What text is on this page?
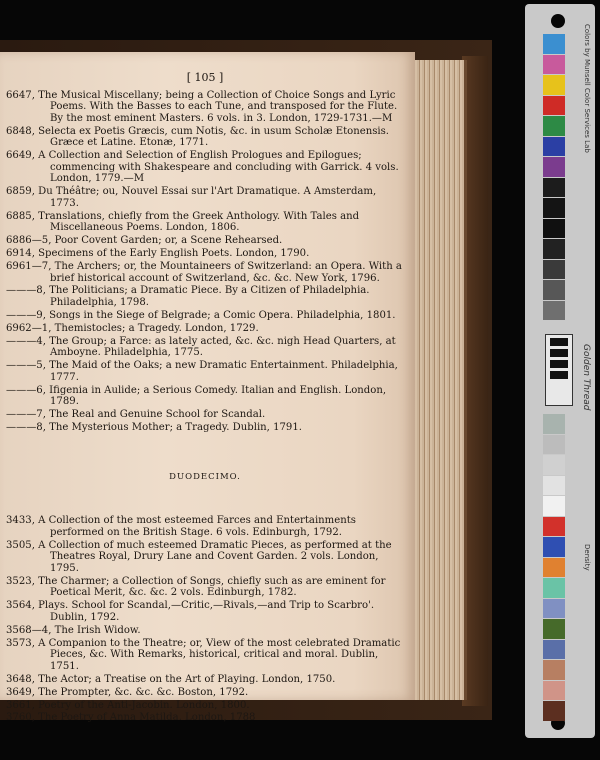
[ 105 ]

6647, The Musical Miscellany; being a Collection of Choice Songs and Lyric Poems. With the Basses to each Tune, and transposed for the Flute. By the most eminent Masters. 6 vols. in 3. London, 1729-1731.—M

6848, Selecta ex Poetis Græcis, cum Notis, &c. in usum Scholæ Etonensis. Græce et Latine. Etonæ, 1771.

6649, A Collection and Selection of English Prologues and Epilogues; commencing with Shakespeare and concluding with Garrick. 4 vols. London, 1779.—M

6859, Du Théâtre; ou, Nouvel Essai sur l'Art Dramatique. A Amsterdam, 1773.

6885, Translations, chiefly from the Greek Anthology. With Tales and Miscellaneous Poems. London, 1806.

6886—5, Poor Covent Garden; or, a Scene Rehearsed.

6914, Specimens of the Early English Poets. London, 1790.

6961—7, The Archers; or, the Mountaineers of Switzerland: an Opera. With a brief historical account of Switzerland, &c. &c. New York, 1796.

———8, The Politicians; a Dramatic Piece. By a Citizen of Philadelphia. Philadelphia, 1798.

———9, Songs in the Siege of Belgrade; a Comic Opera. Philadelphia, 1801.

6962—1, Themistocles; a Tragedy. London, 1729.

———4, The Group; a Farce: as lately acted, &c. &c. nigh Head Quarters, at Amboyne. Philadelphia, 1775.

———5, The Maid of the Oaks; a new Dramatic Entertainment. Philadelphia, 1777.

———6, Ifigenia in Aulide; a Serious Comedy. Italian and English. London, 1789.

———7, The Real and Genuine School for Scandal.

———8, The Mysterious Mother; a Tragedy. Dublin, 1791.

DUODECIMO.

3433, A Collection of the most esteemed Farces and Entertainments performed on the British Stage. 6 vols. Edinburgh, 1792.

3505, A Collection of much esteemed Dramatic Pieces, as performed at the Theatres Royal, Drury Lane and Covent Garden. 2 vols. London, 1795.

3523, The Charmer; a Collection of Songs, chiefly such as are eminent for Poetical Merit, &c. &c. 2 vols. Edinburgh, 1782.

3564, Plays. School for Scandal,—Critic,—Rivals,—and Trip to Scarbro'. Dublin, 1792.

3568—4, The Irish Widow.

3573, A Companion to the Theatre; or, View of the most celebrated Dramatic Pieces, &c. With Remarks, historical, critical and moral. Dublin, 1751.

3648, The Actor; a Treatise on the Art of Playing. London, 1750.

3649, The Prompter, &c. &c. &c. Boston, 1792.

3661, Poetry of the Anti-Jacobin. London, 1800.

3760, The Poetry of Anna Matilda. London, 1788

Colors by Munsell Color Services Lab
Golden Thread
Density
